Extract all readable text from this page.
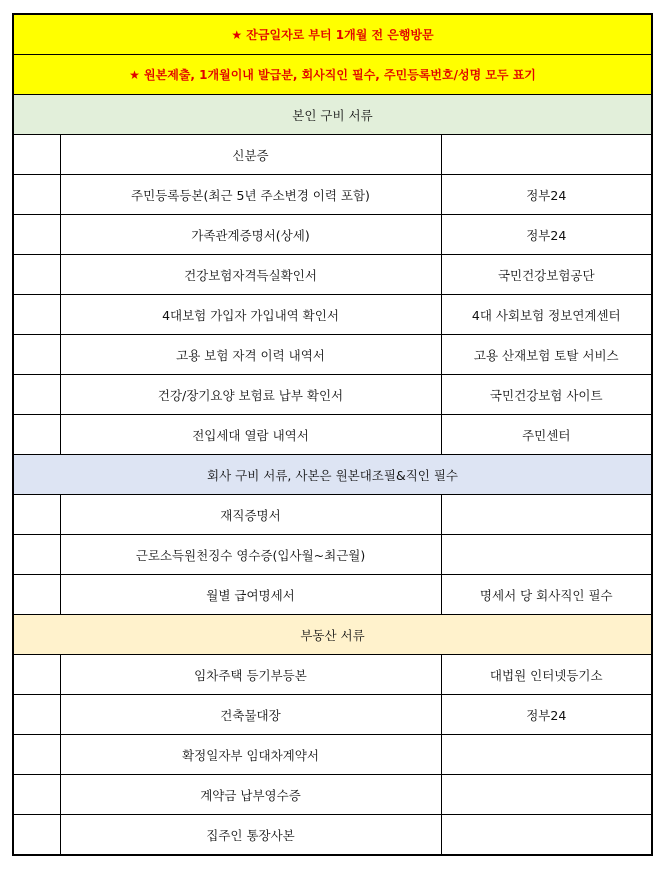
★ 잔금일자로 부터 1개월 전 은행방문		
★ 원본제출, 1개월이내 발급분, 회사직인 필수, 주민등록번호/성명 모두 표기		
본인 구비 서류		
	신분증	
	주민등록등본(최근 5년 주소변경 이력 포함)	정부24
	가족관계증명서(상세)	정부24
	건강보험자격득실확인서	국민건강보험공단
	4대보험 가입자 가입내역 확인서	4대 사회보험 정보연계센터
	고용 보험 자격 이력 내역서	고용 산재보험 토탈 서비스
	건강/장기요양 보험료 납부 확인서	국민건강보험 사이트
	전입세대 열람 내역서	주민센터
회사 구비 서류, 사본은 원본대조필&직인 필수		
	재직증명서	
	근로소득원천징수 영수증(입사월~최근월)	
	월별 급여명세서	명세서 당 회사직인 필수
부동산 서류		
	임차주택 등기부등본	대법원 인터넷등기소
	건축물대장	정부24
	확정일자부 임대차계약서	
	계약금 납부영수증	
	집주인 통장사본	
